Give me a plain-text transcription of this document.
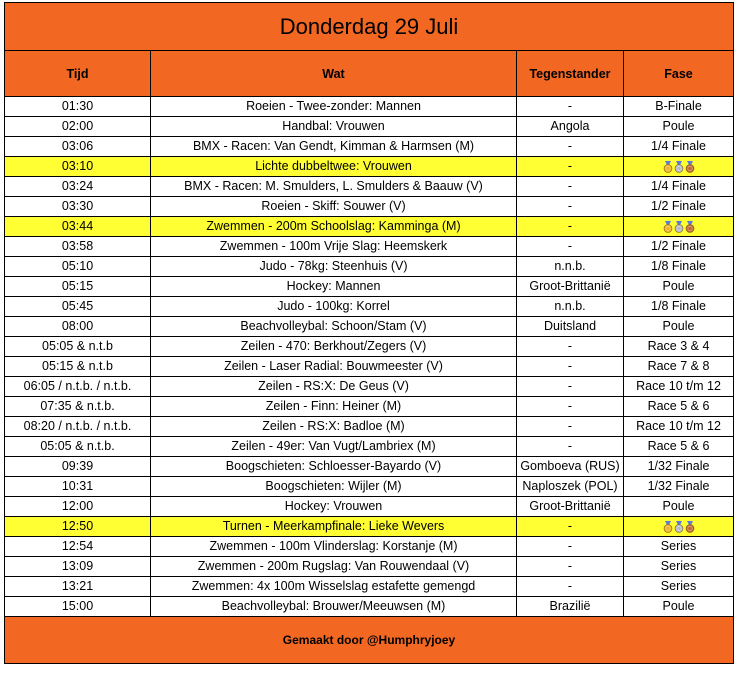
Donderdag 29 Juli			
Tijd	Wat	Tegenstander	Fase
01:30	Roeien - Twee-zonder: Mannen	-	B-Finale
02:00	Handbal: Vrouwen	Angola	Poule
03:06	BMX - Racen: Van Gendt, Kimman & Harmsen (M)	-	1/4 Finale
03:10	Lichte dubbeltwee: Vrouwen	-	

03:24	BMX - Racen: M. Smulders, L. Smulders & Baauw (V)	-	1/4 Finale
03:30	Roeien - Skiff: Souwer (V)	-	1/2 Finale
03:44	Zwemmen - 200m Schoolslag: Kamminga (M)	-	

03:58	Zwemmen - 100m Vrije Slag: Heemskerk	-	1/2 Finale
05:10	Judo - 78kg: Steenhuis (V)	n.n.b.	1/8 Finale
05:15	Hockey: Mannen	Groot-Brittanië	Poule
05:45	Judo - 100kg: Korrel	n.n.b.	1/8 Finale
08:00	Beachvolleybal: Schoon/Stam (V)	Duitsland	Poule
05:05 & n.t.b	Zeilen - 470: Berkhout/Zegers (V)	-	Race 3 & 4
05:15 & n.t.b	Zeilen - Laser Radial: Bouwmeester (V)	-	Race 7 & 8
06:05 / n.t.b. / n.t.b.	Zeilen - RS:X: De Geus (V)	-	Race 10 t/m 12
07:35 & n.t.b.	Zeilen - Finn: Heiner (M)	-	Race 5 & 6
08:20 / n.t.b. / n.t.b.	Zeilen - RS:X: Badloe (M)	-	Race 10 t/m 12
05:05 & n.t.b.	Zeilen - 49er: Van Vugt/Lambriex (M)	-	Race 5 & 6
09:39	Boogschieten: Schloesser-Bayardo (V)	Gomboeva (RUS)	1/32 Finale
10:31	Boogschieten: Wijler (M)	Naploszek (POL)	1/32 Finale
12:00	Hockey: Vrouwen	Groot-Brittanië	Poule
12:50	Turnen - Meerkampfinale: Lieke Wevers	-	

12:54	Zwemmen - 100m Vlinderslag: Korstanje (M)	-	Series
13:09	Zwemmen - 200m Rugslag: Van Rouwendaal (V)	-	Series
13:21	Zwemmen: 4x 100m Wisselslag estafette gemengd	-	Series
15:00	Beachvolleybal: Brouwer/Meeuwsen (M)	Brazilië	Poule
Gemaakt door @Humphryjoey			
